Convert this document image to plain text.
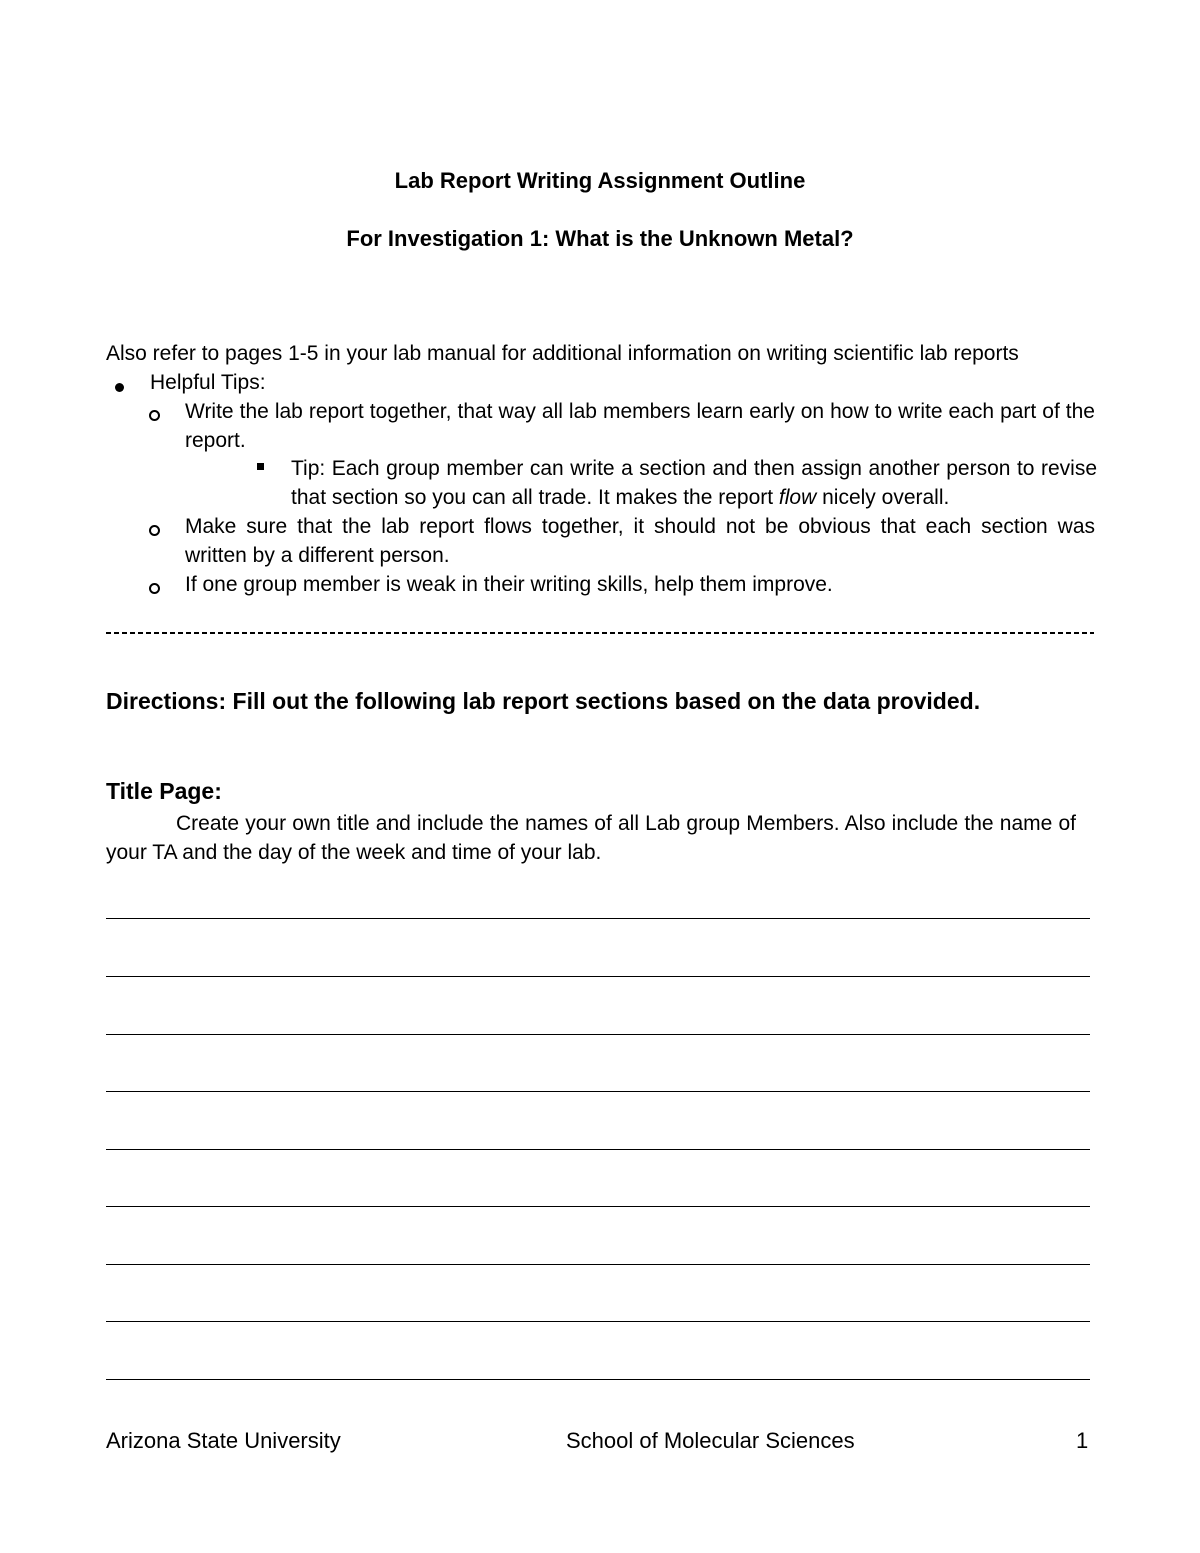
Lab Report Writing Assignment Outline
For Investigation 1: What is the Unknown Metal?
Also refer to pages 1-5 in your lab manual for additional information on writing scientific lab reports
Helpful Tips:
Write the lab report together, that way all lab members learn early on how to write each part of the report.
Tip: Each group member can write a section and then assign another person to revise that section so you can all trade. It makes the report flow nicely overall.
Make sure that the lab report flows together, it should not be obvious that each section was written by a different person.
If one group member is weak in their writing skills, help them improve.
Directions: Fill out the following lab report sections based on the data provided.
Title Page:
Create your own title and include the names of all Lab group Members. Also include the name of your TA and the day of the week and time of your lab.
Arizona State University	School of Molecular Sciences	1
